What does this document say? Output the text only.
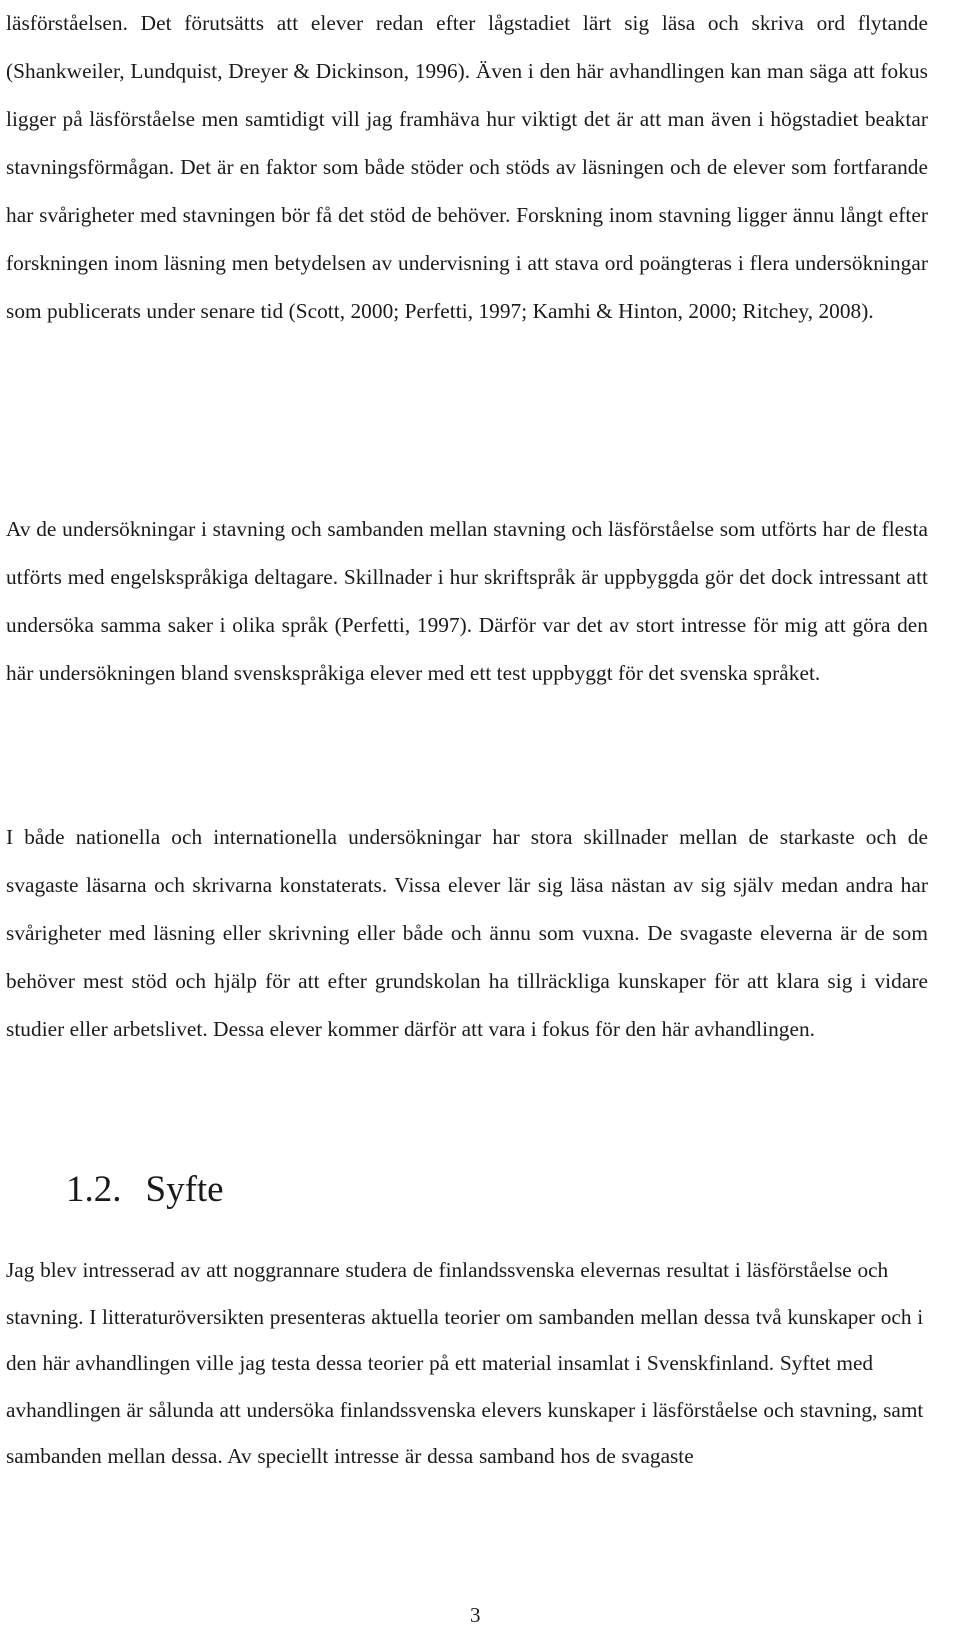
läsförståelsen. Det förutsätts att elever redan efter lågstadiet lärt sig läsa och skriva ord flytande (Shankweiler, Lundquist, Dreyer & Dickinson, 1996). Även i den här avhandlingen kan man säga att fokus ligger på läsförståelse men samtidigt vill jag framhäva hur viktigt det är att man även i högstadiet beaktar stavningsförmågan. Det är en faktor som både stöder och stöds av läsningen och de elever som fortfarande har svårigheter med stavningen bör få det stöd de behöver. Forskning inom stavning ligger ännu långt efter forskningen inom läsning men betydelsen av undervisning i att stava ord poängteras i flera undersökningar som publicerats under senare tid (Scott, 2000; Perfetti, 1997; Kamhi & Hinton, 2000; Ritchey, 2008).

Av de undersökningar i stavning och sambanden mellan stavning och läsförståelse som utförts har de flesta utförts med engelskspråkiga deltagare. Skillnader i hur skriftspråk är uppbyggda gör det dock intressant att undersöka samma saker i olika språk (Perfetti, 1997). Därför var det av stort intresse för mig att göra den här undersökningen bland svenskspråkiga elever med ett test uppbyggt för det svenska språket.

I både nationella och internationella undersökningar har stora skillnader mellan de starkaste och de svagaste läsarna och skrivarna konstaterats. Vissa elever lär sig läsa nästan av sig själv medan andra har svårigheter med läsning eller skrivning eller både och ännu som vuxna. De svagaste eleverna är de som behöver mest stöd och hjälp för att efter grundskolan ha tillräckliga kunskaper för att klara sig i vidare studier eller arbetslivet. Dessa elever kommer därför att vara i fokus för den här avhandlingen.

1.2. Syfte

Jag blev intresserad av att noggrannare studera de finlandssvenska elevernas resultat i läsförståelse och stavning. I litteraturöversikten presenteras aktuella teorier om sambanden mellan dessa två kunskaper och i den här avhandlingen ville jag testa dessa teorier på ett material insamlat i Svenskfinland. Syftet med avhandlingen är sålunda att undersöka finlandssvenska elevers kunskaper i läsförståelse och stavning, samt sambanden mellan dessa. Av speciellt intresse är dessa samband hos de svagaste

3
